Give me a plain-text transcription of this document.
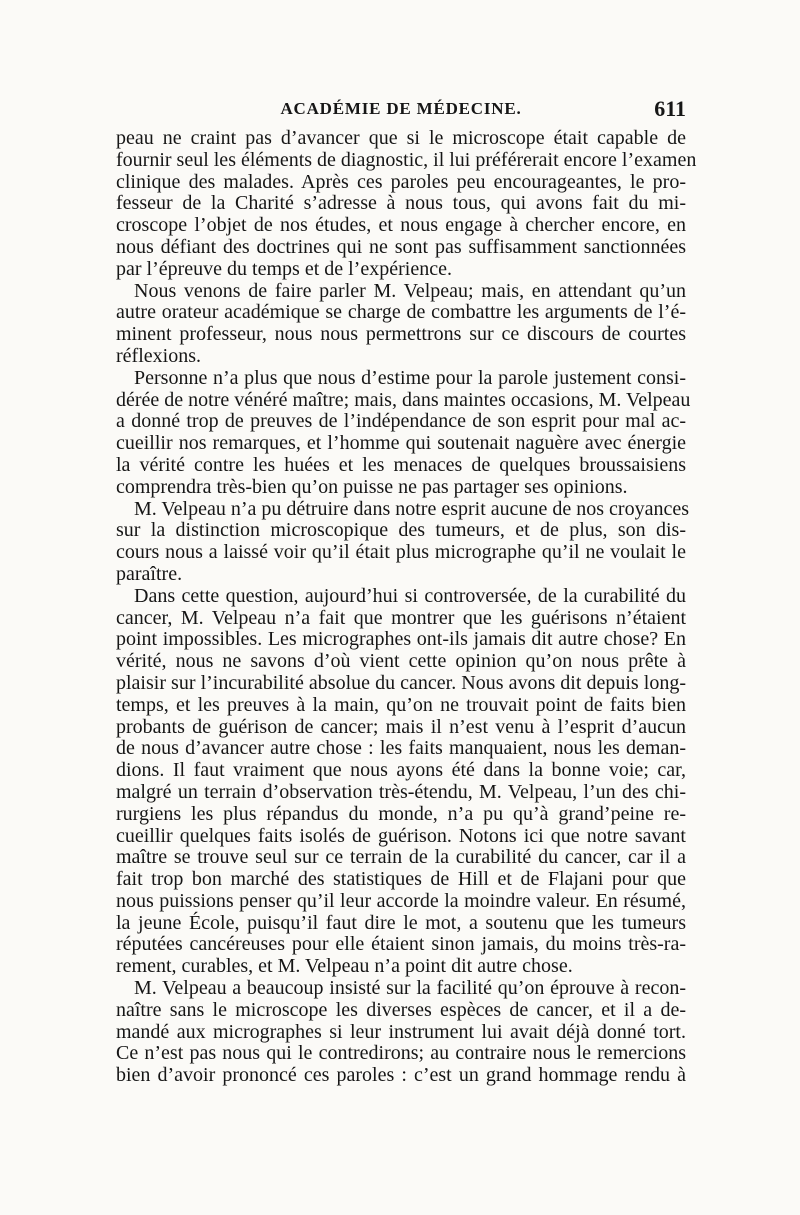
ACADÉMIE DE MÉDECINE.	611
peau ne craint pas d’avancer que si le microscope était capable de
fournir seul les éléments de diagnostic, il lui préférerait encore l’examen
clinique des malades. Après ces paroles peu encourageantes, le pro-
fesseur de la Charité s’adresse à nous tous, qui avons fait du mi-
croscope l’objet de nos études, et nous engage à chercher encore, en
nous défiant des doctrines qui ne sont pas suffisamment sanctionnées
par l’épreuve du temps et de l’expérience.
Nous venons de faire parler M. Velpeau; mais, en attendant qu’un
autre orateur académique se charge de combattre les arguments de l’é-
minent professeur, nous nous permettrons sur ce discours de courtes
réflexions.
Personne n’a plus que nous d’estime pour la parole justement consi-
dérée de notre vénéré maître; mais, dans maintes occasions, M. Velpeau
a donné trop de preuves de l’indépendance de son esprit pour mal ac-
cueillir nos remarques, et l’homme qui soutenait naguère avec énergie
la vérité contre les huées et les menaces de quelques broussaisiens
comprendra très-bien qu’on puisse ne pas partager ses opinions.
M. Velpeau n’a pu détruire dans notre esprit aucune de nos croyances
sur la distinction microscopique des tumeurs, et de plus, son dis-
cours nous a laissé voir qu’il était plus micrographe qu’il ne voulait le
paraître.
Dans cette question, aujourd’hui si controversée, de la curabilité du
cancer, M. Velpeau n’a fait que montrer que les guérisons n’étaient
point impossibles. Les micrographes ont-ils jamais dit autre chose? En
vérité, nous ne savons d’où vient cette opinion qu’on nous prête à
plaisir sur l’incurabilité absolue du cancer. Nous avons dit depuis long-
temps, et les preuves à la main, qu’on ne trouvait point de faits bien
probants de guérison de cancer; mais il n’est venu à l’esprit d’aucun
de nous d’avancer autre chose : les faits manquaient, nous les deman-
dions. Il faut vraiment que nous ayons été dans la bonne voie; car,
malgré un terrain d’observation très-étendu, M. Velpeau, l’un des chi-
rurgiens les plus répandus du monde, n’a pu qu’à grand’peine re-
cueillir quelques faits isolés de guérison. Notons ici que notre savant
maître se trouve seul sur ce terrain de la curabilité du cancer, car il a
fait trop bon marché des statistiques de Hill et de Flajani pour que
nous puissions penser qu’il leur accorde la moindre valeur. En résumé,
la jeune École, puisqu’il faut dire le mot, a soutenu que les tumeurs
réputées cancéreuses pour elle étaient sinon jamais, du moins très-ra-
rement, curables, et M. Velpeau n’a point dit autre chose.
M. Velpeau a beaucoup insisté sur la facilité qu’on éprouve à recon-
naître sans le microscope les diverses espèces de cancer, et il a de-
mandé aux micrographes si leur instrument lui avait déjà donné tort.
Ce n’est pas nous qui le contredirons; au contraire nous le remercions
bien d’avoir prononcé ces paroles : c’est un grand hommage rendu à
